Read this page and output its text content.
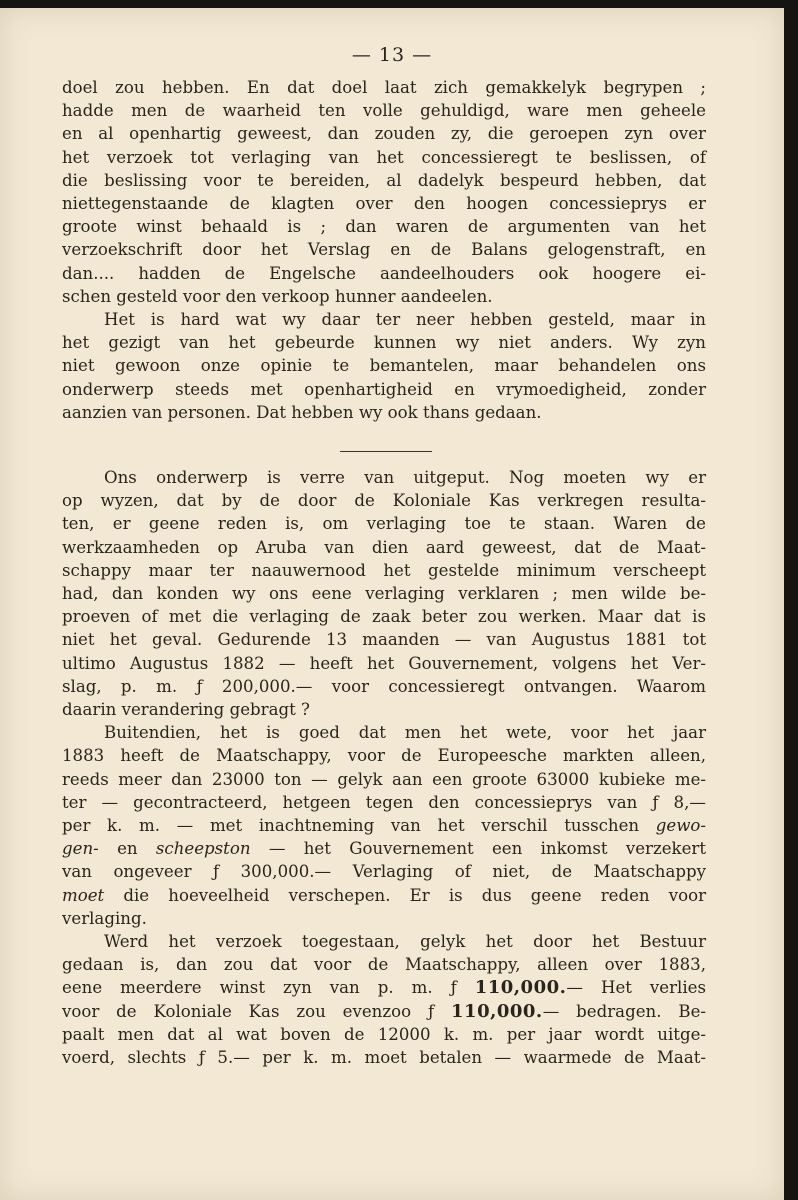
— 13 —

doel zou hebben. En dat doel laat zich gemakkelyk begrypen ;
hadde men de waarheid ten volle gehuldigd, ware men geheele
en al openhartig geweest, dan zouden zy, die geroepen zyn over
het verzoek tot verlaging van het concessieregt te beslissen, of
die beslissing voor te bereiden, al dadelyk bespeurd hebben, dat
niettegenstaande de klagten over den hoogen concessieprys er
groote winst behaald is ; dan waren de argumenten van het
verzoekschrift door het Verslag en de Balans gelogenstraft, en
dan.... hadden de Engelsche aandeelhouders ook hoogere ei-
schen gesteld voor den verkoop hunner aandeelen.

Het is hard wat wy daar ter neer hebben gesteld, maar in
het gezigt van het gebeurde kunnen wy niet anders. Wy zyn
niet gewoon onze opinie te bemantelen, maar behandelen ons
onderwerp steeds met openhartigheid en vrymoedigheid, zonder
aanzien van personen. Dat hebben wy ook thans gedaan.

Ons onderwerp is verre van uitgeput. Nog moeten wy er
op wyzen, dat by de door de Koloniale Kas verkregen resulta-
ten, er geene reden is, om verlaging toe te staan. Waren de
werkzaamheden op Aruba van dien aard geweest, dat de Maat-
schappy maar ter naauwernood het gestelde minimum verscheept
had, dan konden wy ons eene verlaging verklaren ; men wilde be-
proeven of met die verlaging de zaak beter zou werken. Maar dat is
niet het geval. Gedurende 13 maanden — van Augustus 1881 tot
ultimo Augustus 1882 — heeft het Gouvernement, volgens het Ver-
slag, p. m. ƒ 200,000.— voor concessieregt ontvangen. Waarom
daarin verandering gebragt ?

Buitendien, het is goed dat men het wete, voor het jaar
1883 heeft de Maatschappy, voor de Europeesche markten alleen,
reeds meer dan 23000 ton — gelyk aan een groote 63000 kubieke me-
ter — gecontracteerd, hetgeen tegen den concessieprys van ƒ 8,—
per k. m. — met inachtneming van het verschil tusschen gewo-
gen- en scheepston — het Gouvernement een inkomst verzekert
van ongeveer ƒ 300,000.— Verlaging of niet, de Maatschappy
moet die hoeveelheid verschepen. Er is dus geene reden voor
verlaging.

Werd het verzoek toegestaan, gelyk het door het Bestuur
gedaan is, dan zou dat voor de Maatschappy, alleen over 1883,
eene meerdere winst zyn van p. m. ƒ 110,000.— Het verlies
voor de Koloniale Kas zou evenzoo ƒ 110,000.— bedragen. Be-
paalt men dat al wat boven de 12000 k. m. per jaar wordt uitge-
voerd, slechts ƒ 5.— per k. m. moet betalen — waarmede de Maat-
